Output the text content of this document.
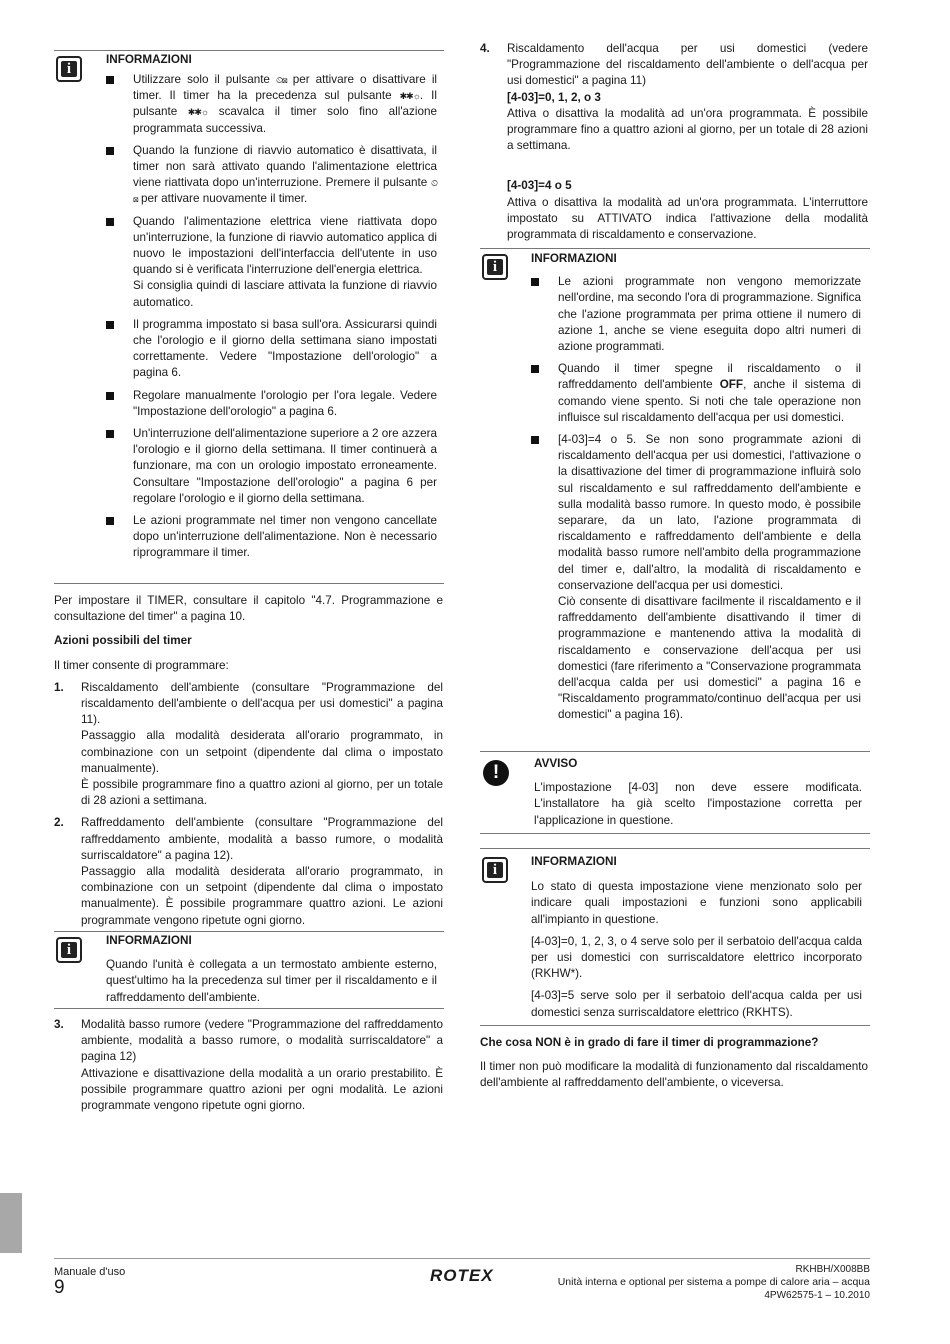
i
INFORMAZIONI
Utilizzare solo il pulsante ⏲⊠ per attivare o disattivare il timer. Il timer ha la precedenza sul pulsante ✱✱☼. Il pulsante ✱✱☼ scavalca il timer solo fino all'azione programmata successiva.
Quando la funzione di riavvio automatico è disattivata, il timer non sarà attivato quando l'alimentazione elettrica viene riattivata dopo un'interruzione. Premere il pulsante ⏲⊠ per attivare nuovamente il timer.
Quando l'alimentazione elettrica viene riattivata dopo un'interruzione, la funzione di riavvio automatico applica di nuovo le impostazioni dell'interfaccia dell'utente in uso quando si è verificata l'interruzione dell'energia elettrica.
Si consiglia quindi di lasciare attivata la funzione di riavvio automatico.
Il programma impostato si basa sull'ora. Assicurarsi quindi che l'orologio e il giorno della settimana siano impostati correttamente. Vedere "Impostazione dell'orologio" a pagina 6.
Regolare manualmente l'orologio per l'ora legale. Vedere "Impostazione dell'orologio" a pagina 6.
Un'interruzione dell'alimentazione superiore a 2 ore azzera l'orologio e il giorno della settimana. Il timer continuerà a funzionare, ma con un orologio impostato erroneamente. Consultare "Impostazione dell'orologio" a pagina 6 per regolare l'orologio e il giorno della settimana.
Le azioni programmate nel timer non vengono cancellate dopo un'interruzione dell'alimentazione. Non è necessario riprogrammare il timer.

Per impostare il TIMER, consultare il capitolo "4.7. Programmazione e consultazione del timer" a pagina 10.

Azioni possibili del timer

Il timer consente di programmare:

1. Riscaldamento dell'ambiente (consultare "Programmazione del riscaldamento dell'ambiente o dell'acqua per usi domestici" a pagina 11).
Passaggio alla modalità desiderata all'orario programmato, in combinazione con un setpoint (dipendente dal clima o impostato manualmente).
È possibile programmare fino a quattro azioni al giorno, per un totale di 28 azioni a settimana.
2. Raffreddamento dell'ambiente (consultare "Programmazione del raffreddamento ambiente, modalità a basso rumore, o modalità surriscaldatore" a pagina 12).
Passaggio alla modalità desiderata all'orario programmato, in combinazione con un setpoint (dipendente dal clima o impostato manualmente). È possibile programmare quattro azioni. Le azioni programmate vengono ripetute ogni giorno.
i
INFORMAZIONI

Quando l'unità è collegata a un termostato ambiente esterno, quest'ultimo ha la precedenza sul timer per il riscaldamento e il raffreddamento dell'ambiente.

3. Modalità basso rumore (vedere "Programmazione del raffreddamento ambiente, modalità a basso rumore, o modalità surriscaldatore" a pagina 12)
Attivazione e disattivazione della modalità a un orario prestabilito. È possibile programmare quattro azioni per ogni modalità. Le azioni programmate vengono ripetute ogni giorno.
4. Riscaldamento dell'acqua per usi domestici (vedere "Programmazione del riscaldamento dell'ambiente o dell'acqua per usi domestici" a pagina 11)
[4-03]=0, 1, 2, o 3
Attiva o disattiva la modalità ad un'ora programmata. È possibile programmare fino a quattro azioni al giorno, per un totale di 28 azioni a settimana.
[4-03]=4 o 5
Attiva o disattiva la modalità ad un'ora programmata. L'interruttore impostato su ATTIVATO indica l'attivazione della modalità programmata di riscaldamento e conservazione.
i
INFORMAZIONI
Le azioni programmate non vengono memorizzate nell'ordine, ma secondo l'ora di programmazione. Significa che l'azione programmata per prima ottiene il numero di azione 1, anche se viene eseguita dopo altri numeri di azione programmati.
Quando il timer spegne il riscaldamento o il raffreddamento dell'ambiente OFF, anche il sistema di comando viene spento. Si noti che tale operazione non influisce sul riscaldamento dell'acqua per usi domestici.
[4-03]=4 o 5. Se non sono programmate azioni di riscaldamento dell'acqua per usi domestici, l'attivazione o la disattivazione del timer di programmazione influirà solo sul riscaldamento e sul raffreddamento dell'ambiente e sulla modalità basso rumore. In questo modo, è possibile separare, da un lato, l'azione programmata di riscaldamento e raffreddamento dell'ambiente e della modalità basso rumore nell'ambito della programmazione del timer e, dall'altro, la modalità di riscaldamento e conservazione dell'acqua per usi domestici.
Ciò consente di disattivare facilmente il riscaldamento e il raffreddamento dell'ambiente disattivando il timer di programmazione e mantenendo attiva la modalità di riscaldamento e conservazione dell'acqua per usi domestici (fare riferimento a "Conservazione programmata dell'acqua calda per usi domestici" a pagina 16 e "Riscaldamento programmato/continuo dell'acqua per usi domestici" a pagina 16).
!	AVVISO

L'impostazione [4-03] non deve essere modificata. L'installatore ha già scelto l'impostazione corretta per l'applicazione in questione.

i
INFORMAZIONI

Lo stato di questa impostazione viene menzionato solo per indicare quali impostazioni e funzioni sono applicabili all'impianto in questione.

[4-03]=0, 1, 2, 3, o 4 serve solo per il serbatoio dell'acqua calda per usi domestici con surriscaldatore elettrico incorporato (RKHW*).

[4-03]=5 serve solo per il serbatoio dell'acqua calda per usi domestici senza surriscaldatore elettrico (RKHTS).

Che cosa NON è in grado di fare il timer di programmazione?

Il timer non può modificare la modalità di funzionamento dal riscaldamento dell'ambiente al raffreddamento dell'ambiente, o viceversa.

Manuale d'uso
9
ROTEX	RKHBH/X008BB
Unità interna e optional per sistema a pompe di calore aria – acqua
4PW62575-1 – 10.2010
